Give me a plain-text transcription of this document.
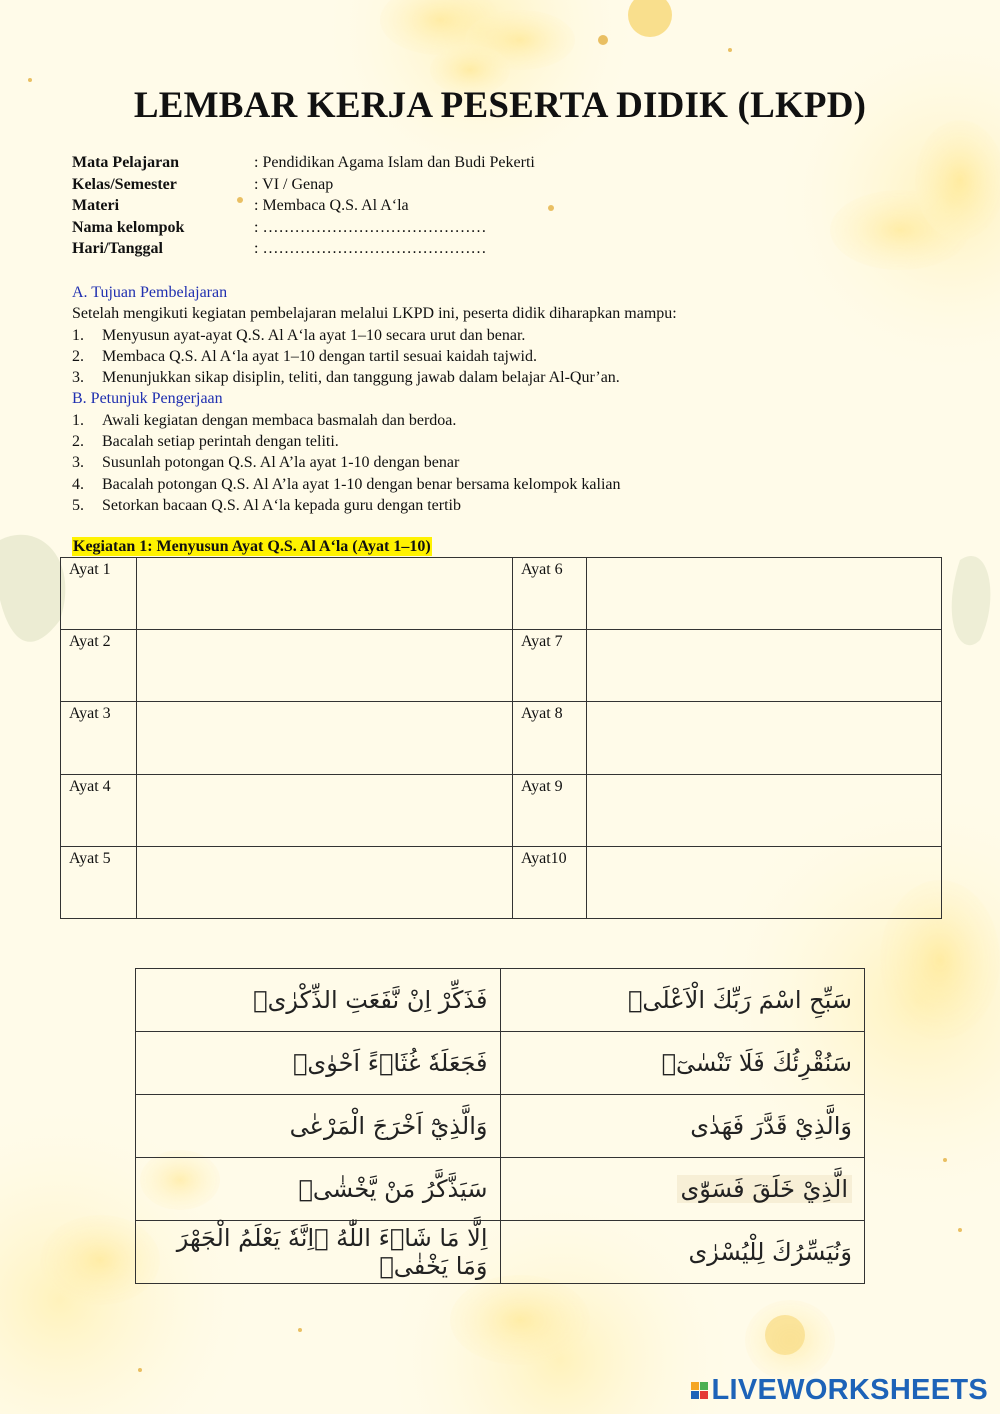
LEMBAR KERJA PESERTA DIDIK (LKPD)
Mata Pelajaran	: Pendidikan Agama Islam dan Budi Pekerti
Kelas/Semester	: VI / Genap
Materi	: Membaca Q.S. Al A‘la
Nama kelompok	: ……………………………………
Hari/Tanggal	: ……………………………………
A. Tujuan Pembelajaran
Setelah mengikuti kegiatan pembelajaran melalui LKPD ini, peserta didik diharapkan mampu:
1.	Menyusun ayat-ayat Q.S. Al A‘la ayat 1–10 secara urut dan benar.
2.	Membaca Q.S. Al A‘la ayat 1–10 dengan tartil sesuai kaidah tajwid.
3.	Menunjukkan sikap disiplin, teliti, dan tanggung jawab dalam belajar Al-Qur’an.
B. Petunjuk Pengerjaan
1.	Awali kegiatan dengan membaca basmalah dan berdoa.
2.	Bacalah setiap perintah dengan teliti.
3.	Susunlah potongan Q.S. Al A’la ayat 1-10 dengan benar
4.	Bacalah potongan Q.S. Al A’la ayat 1-10 dengan benar bersama kelompok kalian
5.	Setorkan bacaan Q.S. Al A‘la kepada guru dengan tertib
Kegiatan 1: Menyusun Ayat Q.S. Al A‘la (Ayat 1–10)
Ayat 1		Ayat 6	
Ayat 2		Ayat 7	
Ayat 3		Ayat 8	
Ayat 4		Ayat 9	
Ayat 5		Ayat10	
فَذَكِّرْ اِنْ نَّفَعَتِ الذِّكْرٰىۗ	سَبِّحِ اسْمَ رَبِّكَ الْاَعْلَىۙ
فَجَعَلَهٗ غُثَاۤءً اَحْوٰىۗ	سَنُقْرِئُكَ فَلَا تَنْسٰىٓۙ
وَالَّذِيْٓ اَخْرَجَ الْمَرْعٰى	وَالَّذِيْ قَدَّرَ فَهَدٰى
سَيَذَّكَّرُ مَنْ يَّخْشٰىۙ	الَّذِيْ خَلَقَ فَسَوّٰى
اِلَّا مَا شَاۤءَ اللّٰهُ ۗاِنَّهٗ يَعْلَمُ الْجَهْرَ وَمَا يَخْفٰىۗ	وَنُيَسِّرُكَ لِلْيُسْرٰى
LIVEWORKSHEETS
